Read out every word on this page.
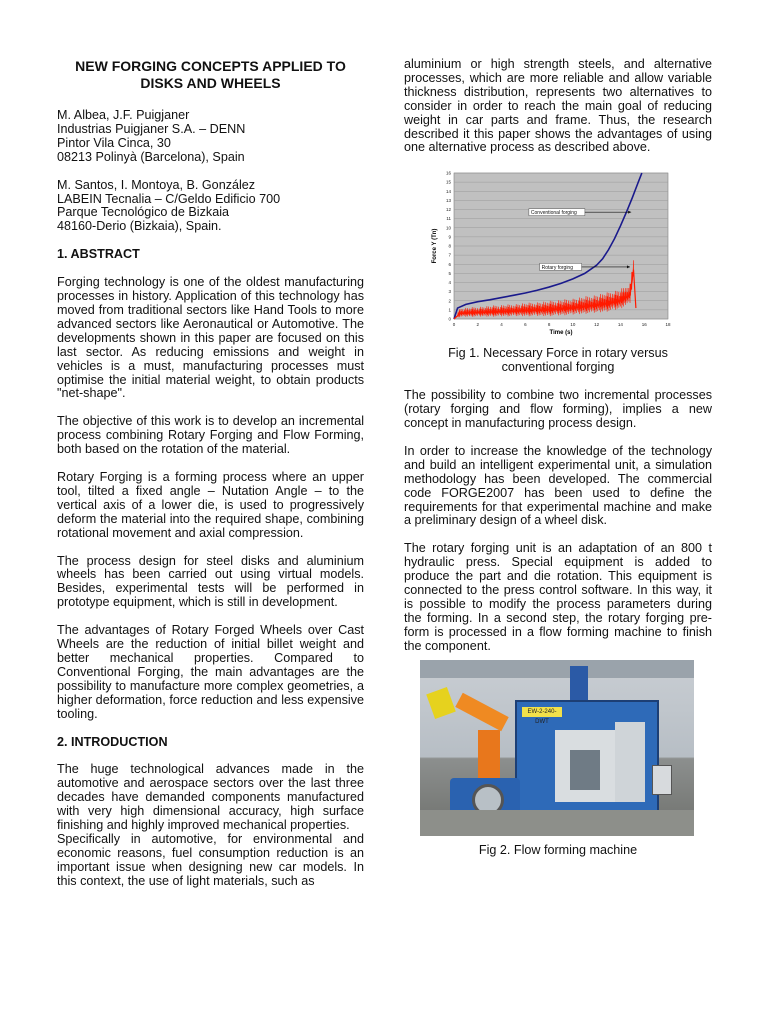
NEW FORGING CONCEPTS APPLIED TO DISKS AND WHEELS
M. Albea, J.F. Puigjaner
Industrias Puigjaner S.A. – DENN
Pintor Vila Cinca, 30
08213 Polinyà (Barcelona), Spain
M. Santos, I. Montoya, B. González
LABEIN Tecnalia – C/Geldo Edificio 700
Parque Tecnológico de Bizkaia
48160-Derio (Bizkaia), Spain.
1. ABSTRACT

Forging technology is one of the oldest manufacturing processes in history. Application of this technology has moved from traditional sectors like Hand Tools to more advanced sectors like Aeronautical or Automotive. The developments shown in this paper are focused on this last sector. As reducing emissions and weight in vehicles is a must, manufacturing processes must optimise the initial material weight, to obtain products "net-shape".

The objective of this work is to develop an incremental process combining Rotary Forging and Flow Forming, both based on the rotation of the material.

Rotary Forging is a forming process where an upper tool, tilted a fixed angle – Nutation Angle – to the vertical axis of a lower die, is used to progressively deform the material into the required shape, combining rotational movement and axial compression.

The process design for steel disks and aluminium wheels has been carried out using virtual models. Besides, experimental tests will be performed in prototype equipment, which is still in development.

The advantages of Rotary Forged Wheels over Cast Wheels are the reduction of initial billet weight and better mechanical properties. Compared to Conventional Forging, the main advantages are the possibility to manufacture more complex geometries, a higher deformation, force reduction and less expensive tooling.

2. INTRODUCTION

The huge technological advances made in the automotive and aerospace sectors over the last three decades have demanded components manufactured with very high dimensional accuracy, high surface finishing and highly improved mechanical properties.

Specifically in automotive, for environmental and economic reasons, fuel consumption reduction is an important issue when designing new car models. In this context, the use of light materials, such as

aluminium or high strength steels, and alternative processes, which are more reliable and allow variable thickness distribution, represents two alternatives to consider in order to reach the main goal of reducing weight in car parts and frame. Thus, the research described it this paper shows the advantages of using one alternative process as described above.

0
1
2
3
4
5
6
7
8
9
10
11
12
13
14
15
16
0	2	4	6	8	10	12	14	16	18
Time (s)
Force Y (Tn)
Conventional forging
Rotary forging
Fig 1. Necessary Force in rotary versus conventional forging

The possibility to combine two incremental processes (rotary forging and flow forming), implies a new concept in manufacturing process design.

In order to increase the knowledge of the technology and build an intelligent experimental unit, a simulation methodology has been developed. The commercial code FORGE2007 has been used to define the requirements for that experimental machine and make a preliminary design of a wheel disk.

The rotary forging unit is an adaptation of an 800 t hydraulic press. Special equipment is added to produce the part and die rotation. This equipment is connected to the press control software. In this way, it is possible to modify the process parameters during the forming. In a second step, the rotary forging pre-form is processed in a flow forming machine to finish the component.

EW-2-240-DWT
Fig 2. Flow forming machine
